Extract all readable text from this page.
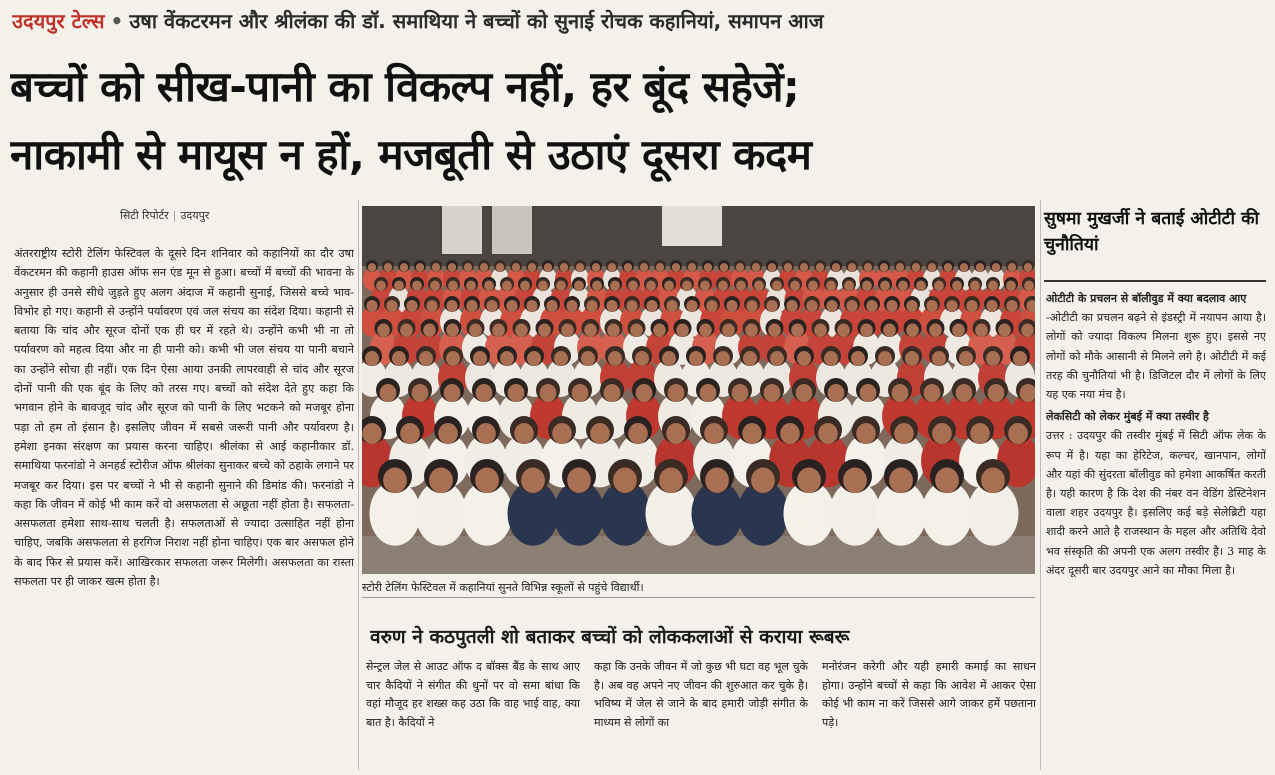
उदयपुर टेल्स • उषा वेंकटरमन और श्रीलंका की डॉ. समाथिया ने बच्चों को सुनाई रोचक कहानियां, समापन आज
बच्चों को सीख-पानी का विकल्प नहीं, हर बूंद सहेजें;
नाकामी से मायूस न हों, मजबूती से उठाएं दूसरा कदम
सिटी रिपोर्टर | उदयपुर
अंतरराष्ट्रीय स्टोरी टेलिंग फेस्टिवल के दूसरे दिन शनिवार को कहानियों का दौर उषा वेंकटरमन की कहानी हाउस ऑफ सन एंड मून से हुआ। बच्चों में बच्चों की भावना के अनुसार ही उनसे सीधे जुड़ते हुए अलग अंदाज में कहानी सुनाई, जिससे बच्चे भाव-विभोर हो गए। कहानी से उन्होंने पर्यावरण एवं जल संचय का संदेश दिया। कहानी से बताया कि चांद और सूरज दोनों एक ही घर में रहते थे। उन्होंने कभी भी ना तो पर्यावरण को महत्व दिया और ना ही पानी को। कभी भी जल संचय या पानी बचाने का उन्होंने सोचा ही नहीं। एक दिन ऐसा आया उनकी लापरवाही से चांद और सूरज दोनों पानी की एक बूंद के लिए को तरस गए। बच्चों को संदेश देते हुए कहा कि भगवान होने के बावजूद चांद और सूरज को पानी के लिए भटकने को मजबूर होना पड़ा तो हम तो इंसान है। इसलिए जीवन में सबसे जरूरी पानी और पर्यावरण है। हमेशा इनका संरक्षण का प्रयास करना चाहिए। श्रीलंका से आई कहानीकार डॉ. समाथिया फरनांडो ने अनहर्ड स्टोरीज ऑफ श्रीलंका सुनाकर बच्चे को ठहाके लगाने पर मजबूर कर दिया। इस पर बच्चों ने भी से कहानी सुनाने की डिमांड की। फरनांडो ने कहा कि जीवन में कोई भी काम करें वो असफलता से अछूता नहीं होता है। सफलता-असफलता हमेशा साथ-साथ चलती है। सफलताओं से ज्यादा उत्साहित नहीं होना चाहिए, जबकि असफलता से हरगिज निराश नहीं होना चाहिए। एक बार असफल होने के बाद फिर से प्रयास करें। आखिरकार सफलता जरूर मिलेगी। असफलता का रास्ता सफलता पर ही जाकर खत्म होता है।	स्टोरी टेलिंग फेस्टिवल में कहानियां सुनते विभिन्न स्कूलों से पहुंचे विद्यार्थी।
वरुण ने कठपुतली शो बताकर बच्चों को लोककलाओं से कराया रूबरू
सेन्ट्रल जेल से आउट ऑफ द बॉक्स बैंड के साथ आए चार कैदियों ने संगीत की धुनों पर वो समा बांधा कि वहां मौजूद हर शख्स कह उठा कि वाह भाई वाह, क्या बात है। कैदियों ने
कहा कि उनके जीवन में जो कुछ भी घटा वह भूल चुके है। अब वह अपने नए जीवन की शुरुआत कर चुके है। भविष्य में जेल से जाने के बाद हमारी जोड़ी संगीत के माध्यम से लोगों का
मनोरंजन करेगी और यही हमारी कमाई का साधन होगा। उन्होंने बच्चों से कहा कि आवेश में आकर ऐसा कोई भी काम ना करें जिससे आगे जाकर हमें पछताना पड़े।
सुषमा मुखर्जी ने बताई ओटीटी की चुनौतियां
ओटीटी के प्रचलन से बॉलीवुड में क्या बदलाव आए
-ओटीटी का प्रचलन बढ़ने से इंडस्ट्री में नयापन आया है। लोगों को ज्यादा विकल्प मिलना शुरू हुए। इससे नए लोगों को मौके आसानी से मिलने लगे है। ओटीटी में कई तरह की चुनौतियां भी है। डिजिटल दौर में लोगों के लिए यह एक नया मंच है।
लेकसिटी को लेकर मुंबई में क्या तस्वीर है
उत्तर : उदयपुर की तस्वीर मुंबई में सिटी ऑफ लेक के रूप में है। यहा का हेरिटेज, कल्चर, खानपान, लोगों और यहां की सुंदरता बॉलीवुड को हमेशा आकर्षित करती है। यही कारण है कि देश की नंबर वन वेडिंग डेस्टिनेशन वाला शहर उदयपुर है। इसलिए कई बड़े सेलेब्रिटी यहा शादी करने आते है राजस्थान के महल और अतिथि देवो भव संस्कृति की अपनी एक अलग तस्वीर है। 3 माह के अंदर दूसरी बार उदयपुर आने का मौका मिला है।
